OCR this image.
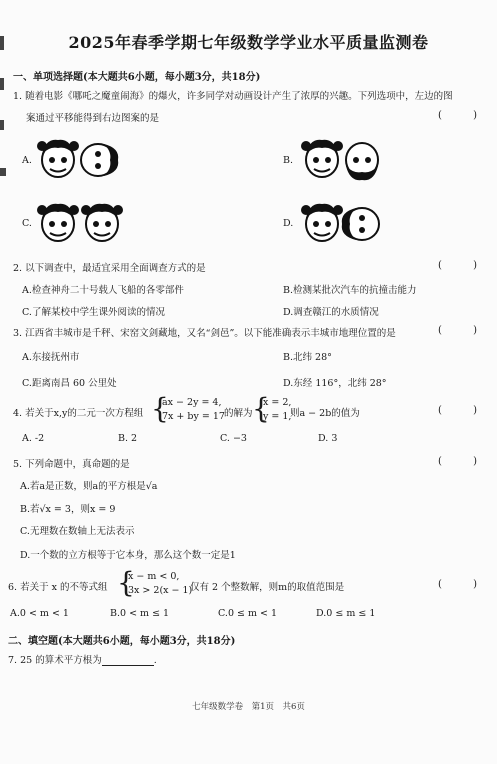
2025年春季学期七年级数学学业水平质量监测卷
一、单项选择题(本大题共6小题，每小题3分，共18分)
1. 随着电影《哪吒之魔童闹海》的爆火，许多同学对动画设计产生了浓厚的兴趣。下列选项中，左边的图
案通过平移能得到右边图案的是	( )
A.	B.
C.	D.
2. 以下调查中，最适宜采用全面调查方式的是	( )
A.检查神舟二十号载人飞船的各零部件	B.检测某批次汽车的抗撞击能力
C.了解某校中学生课外阅读的情况	D.调查赣江的水质情况
3. 江西省丰城市是千秤、宋窑文剑藏地，又名“剑邑”。以下能准确表示丰城市地理位置的是	( )
A.东接抚州市	B.北纬 28°
C.距离南昌 60 公里处	D.东经 116°，北纬 28°
4. 若关于x,y的二元一次方程组 {
ax − 2y = 4,
7x + by = 17 的解为 {
x = 2,
y = 1,
则a − 2b的值为	( )
A. -2	B. 2	C. −3	D. 3
5. 下列命题中，真命题的是	( )
A.若a是正数，则a的平方根是√a
B.若√x = 3，则x = 9
C.无理数在数轴上无法表示
D.一个数的立方根等于它本身，那么这个数一定是1
6. 若关于 x 的不等式组 {
x − m < 0,
3x > 2(x − 1)
仅有 2 个整数解，则m的取值范围是	( )
A.0 < m < 1	B.0 < m ≤ 1	C.0 ≤ m < 1	D.0 ≤ m ≤ 1
二、填空题(本大题共6小题，每小题3分，共18分)
7. 25 的算术平方根为	.
七年级数学卷　第1页　共6页
